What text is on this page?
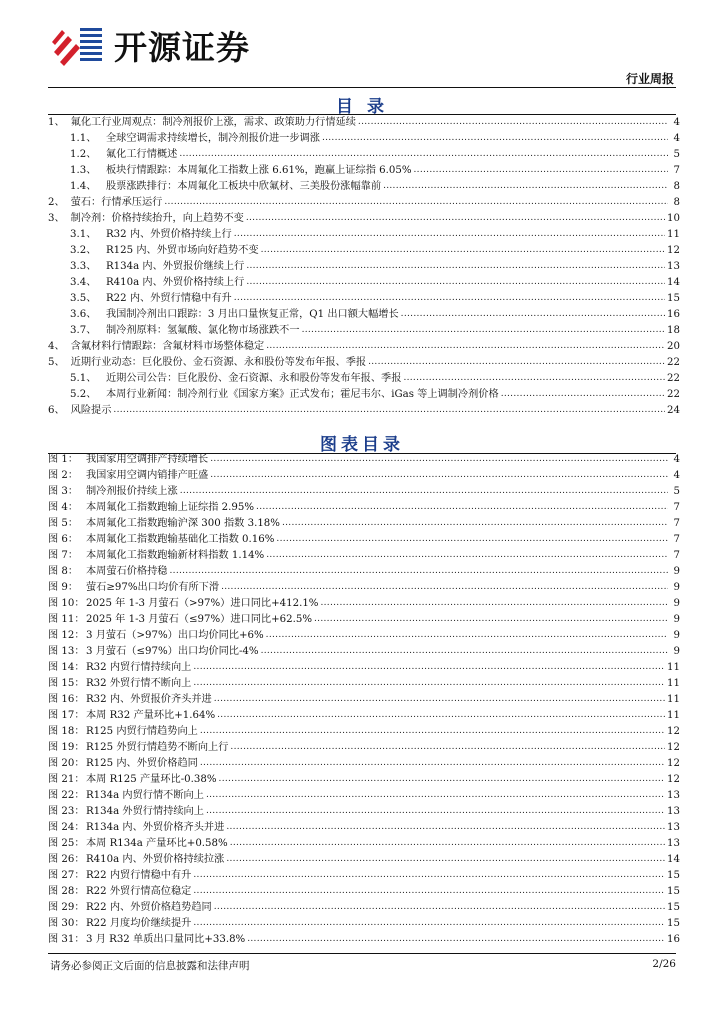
开源证券
行业周报
目 录
1、 氟化工行业周观点：制冷剂报价上涨，需求、政策助力行情延续 .....	4
1.1、 全球空调需求持续增长，制冷剂报价进一步调涨 .....	4
1.2、 氟化工行情概述 .....	5
1.3、 板块行情跟踪：本周氟化工指数上涨 6.61%，跑赢上证综指 6.05% .....	7
1.4、 股票涨跌排行：本周氟化工板块中欣氟材、三美股份涨幅靠前 .....	8
2、 萤石：行情承压运行 .....	8
3、 制冷剂：价格持续抬升，向上趋势不变 .....	10
3.1、 R32 内、外贸价格持续上行 .....	11
3.2、 R125 内、外贸市场向好趋势不变 .....	12
3.3、 R134a 内、外贸报价继续上行 .....	13
3.4、 R410a 内、外贸价格持续上行 .....	14
3.5、 R22 内、外贸行情稳中有升 .....	15
3.6、 我国制冷剂出口跟踪：3 月出口量恢复正常，Q1 出口额大幅增长 .....	16
3.7、 制冷剂原料：氢氟酸、氯化物市场涨跌不一 .....	18
4、 含氟材料行情跟踪：含氟材料市场整体稳定 .....	20
5、 近期行业动态：巨化股份、金石资源、永和股份等发布年报、季报 .....	22
5.1、 近期公司公告：巨化股份、金石资源、永和股份等发布年报、季报 .....	22
5.2、 本周行业新闻：制冷剂行业《国家方案》正式发布；霍尼韦尔、iGas 等上调制冷剂价格 .....	22
6、 风险提示 .....	24
图表目录
图 1： 我国家用空调排产持续增长 .....	4
图 2： 我国家用空调内销排产旺盛 .....	4
图 3： 制冷剂报价持续上涨 .....	5
图 4： 本周氟化工指数跑输上证综指 2.95% .....	7
图 5： 本周氟化工指数跑输沪深 300 指数 3.18% .....	7
图 6： 本周氟化工指数跑输基础化工指数 0.16% .....	7
图 7： 本周氟化工指数跑输新材料指数 1.14% .....	7
图 8： 本周萤石价格持稳 .....	9
图 9： 萤石≥97%出口均价有所下滑 .....	9
图 10： 2025 年 1-3 月萤石（>97%）进口同比+412.1% .....	9
图 11： 2025 年 1-3 月萤石（≤97%）进口同比+62.5% .....	9
图 12： 3 月萤石（>97%）出口均价同比+6% .....	9
图 13： 3 月萤石（≤97%）出口均价同比-4% .....	9
图 14： R32 内贸行情持续向上 .....	11
图 15： R32 外贸行情不断向上 .....	11
图 16： R32 内、外贸报价齐头并进 .....	11
图 17： 本周 R32 产量环比+1.64% .....	11
图 18： R125 内贸行情趋势向上 .....	12
图 19： R125 外贸行情趋势不断向上行 .....	12
图 20： R125 内、外贸价格趋同 .....	12
图 21： 本周 R125 产量环比-0.38% .....	12
图 22： R134a 内贸行情不断向上 .....	13
图 23： R134a 外贸行情持续向上 .....	13
图 24： R134a 内、外贸价格齐头并进 .....	13
图 25： 本周 R134a 产量环比+0.58% .....	13
图 26： R410a 内、外贸价格持续拉涨 .....	14
图 27： R22 内贸行情稳中有升 .....	15
图 28： R22 外贸行情高位稳定 .....	15
图 29： R22 内、外贸价格趋势趋同 .....	15
图 30： R22 月度均价继续提升 .....	15
图 31： 3 月 R32 单质出口量同比+33.8% .....	16
请务必参阅正文后面的信息披露和法律声明	2/26
